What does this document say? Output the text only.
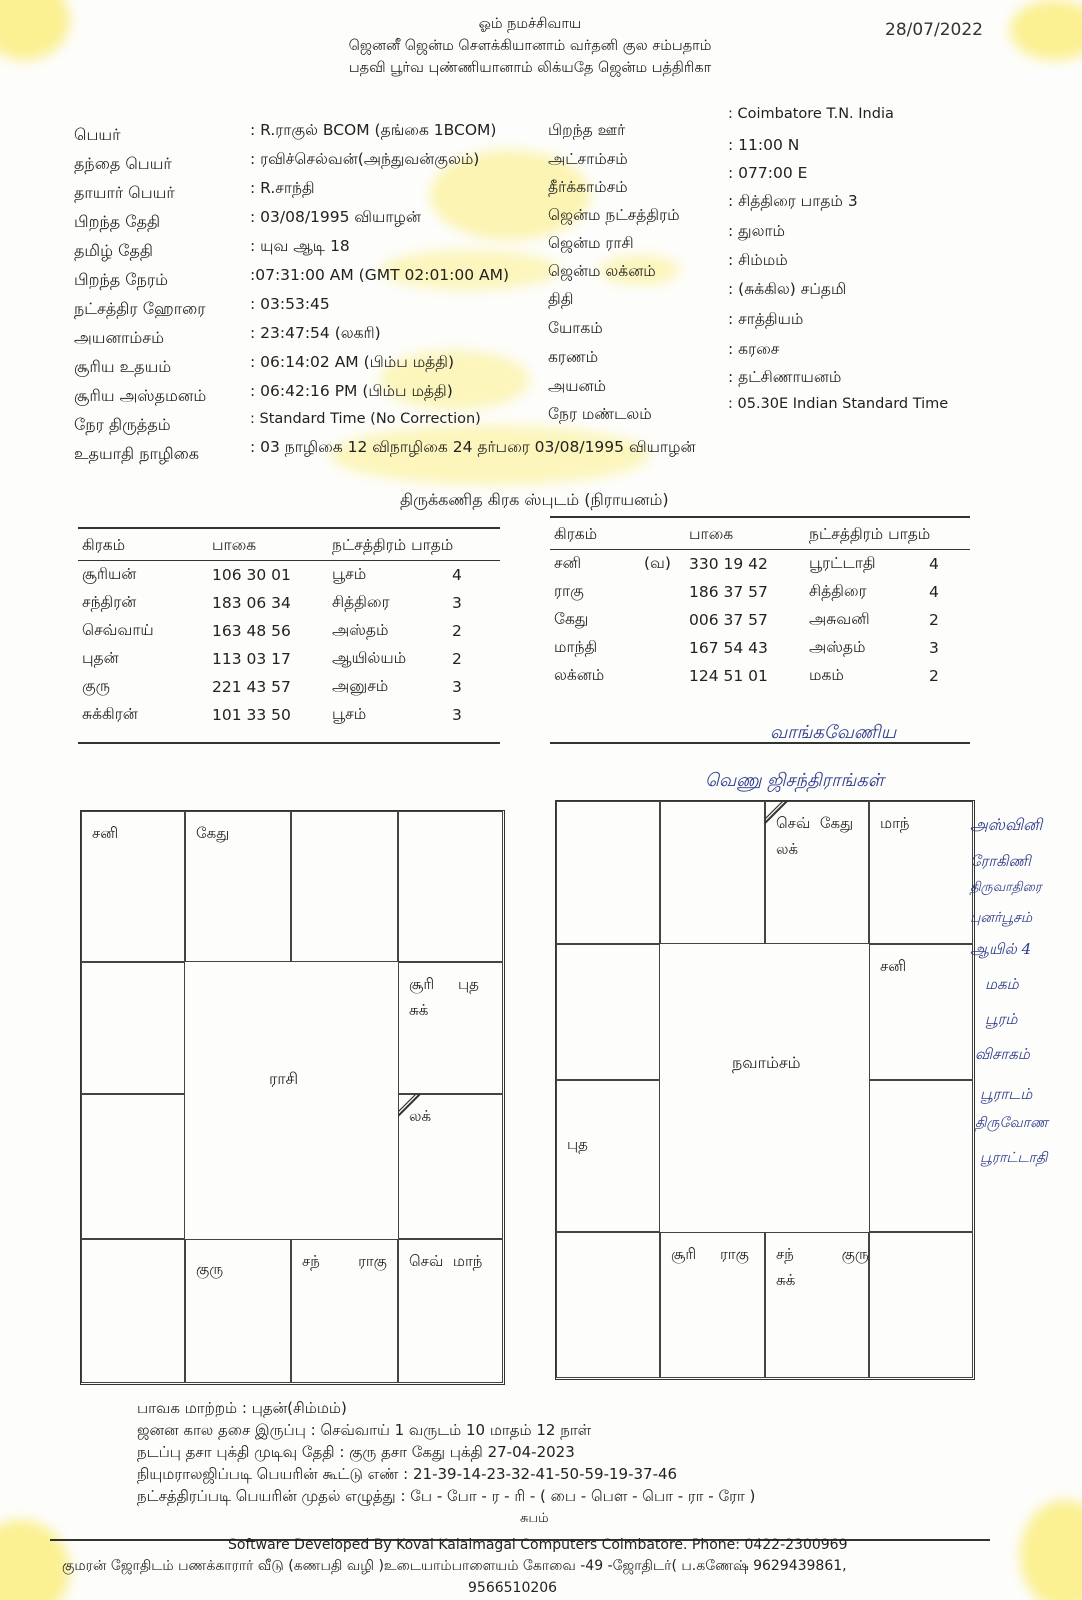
ஓம் நமச்சிவாய
ஜெனனீ ஜென்ம சௌக்கியானாம் வர்தனி குல சம்பதாம்
பதவி பூர்வ புண்ணியானாம் லிக்யதே ஜென்ம பத்திரிகா
28/07/2022
பெயர்	: R.ராகுல் BCOM (தங்கை 1BCOM)
தந்தை பெயர்	: ரவிச்செல்வன்(அந்துவன்குலம்)
தாயார் பெயர்	: R.சாந்தி
பிறந்த தேதி	: 03/08/1995 வியாழன்
தமிழ் தேதி	: யுவ ஆடி 18
பிறந்த நேரம்	:07:31:00 AM (GMT 02:01:00 AM)
நட்சத்திர ஹோரை	: 03:53:45
அயனாம்சம்	: 23:47:54 (லகரி)
சூரிய உதயம்	: 06:14:02 AM (பிம்ப மத்தி)
சூரிய அஸ்தமனம்	: 06:42:16 PM (பிம்ப மத்தி)
நேர திருத்தம்	: Standard Time (No Correction)
உதயாதி நாழிகை	: 03 நாழிகை 12 விநாழிகை 24 தர்பரை 03/08/1995 வியாழன்
பிறந்த ஊர்
: Coimbatore T.N. India
அட்சாம்சம்
: 11:00 N
தீர்க்காம்சம்
: 077:00 E
ஜென்ம நட்சத்திரம்
: சித்திரை பாதம் 3
ஜென்ம ராசி
: துலாம்
ஜென்ம லக்னம்
: சிம்மம்
திதி
: (சுக்கில) சப்தமி
யோகம்	: சாத்தியம்
கரணம்	: கரசை
அயனம்	: தட்சிணாயனம்
நேர மண்டலம்
: 05.30E Indian Standard Time
திருக்கணித கிரக ஸ்புடம் (நிராயனம்)
கிரகம்	பாகை	நட்சத்திரம் பாதம்	
சூரியன்	106 30 01	பூசம்	4
சந்திரன்	183 06 34	சித்திரை	3
செவ்வாய்	163 48 56	அஸ்தம்	2
புதன்	113 03 17	ஆயில்யம்	2
குரு	221 43 57	அனுசம்	3
சுக்கிரன்	101 33 50	பூசம்	3
கிரகம்		பாகை	நட்சத்திரம் பாதம்	
சனி	(வ)	330 19 42	பூரட்டாதி	4
ராகு		186 37 57	சித்திரை	4
கேது		006 37 57	அசுவனி	2
மாந்தி		167 54 43	அஸ்தம்	3
லக்னம்		124 51 01	மகம்	2
வாங்கவேணிய
வெணு ஜிசந்திராங்கள்
அஸ்வினி
ரோகிணி
திருவாதிரை
புனர்பூசம்
ஆயில் 4
மகம்
பூரம்
விசாகம்
பூராடம்
திருவோண
பூராட்டாதி
சனி	கேது
சூரி     புத
சுக்
லக்
செவ்  மாந்
சந்        ராகு
குரு
ராசி
செவ்  கேது
லக்
மாந்
சனி
சந்          குரு
சுக்
சூரி     ராகு
புத
நவாம்சம்
பாவக மாற்றம் : புதன்(சிம்மம்)
ஜனன கால தசை இருப்பு : செவ்வாய் 1 வருடம் 10 மாதம் 12 நாள்
நடப்பு தசா புக்தி முடிவு தேதி : குரு தசா கேது புக்தி 27-04-2023
நியுமராலஜிப்படி பெயரின் கூட்டு எண் : 21-39-14-23-32-41-50-59-19-37-46
நட்சத்திரப்படி பெயரின் முதல் எழுத்து : பே - போ - ர - ரி - ( பை - பௌ - பொ - ரா - ரோ )
சுபம்
Software Developed By Kovai Kalaimagal Computers Coimbatore. Phone: 0422-2300969
குமரன் ஜோதிடம் பணக்காரார் வீடு (கணபதி வழி )உடையாம்பாளையம் கோவை -49 -ஜோதிடர்( ப.கணேஷ் 9629439861,
9566510206
